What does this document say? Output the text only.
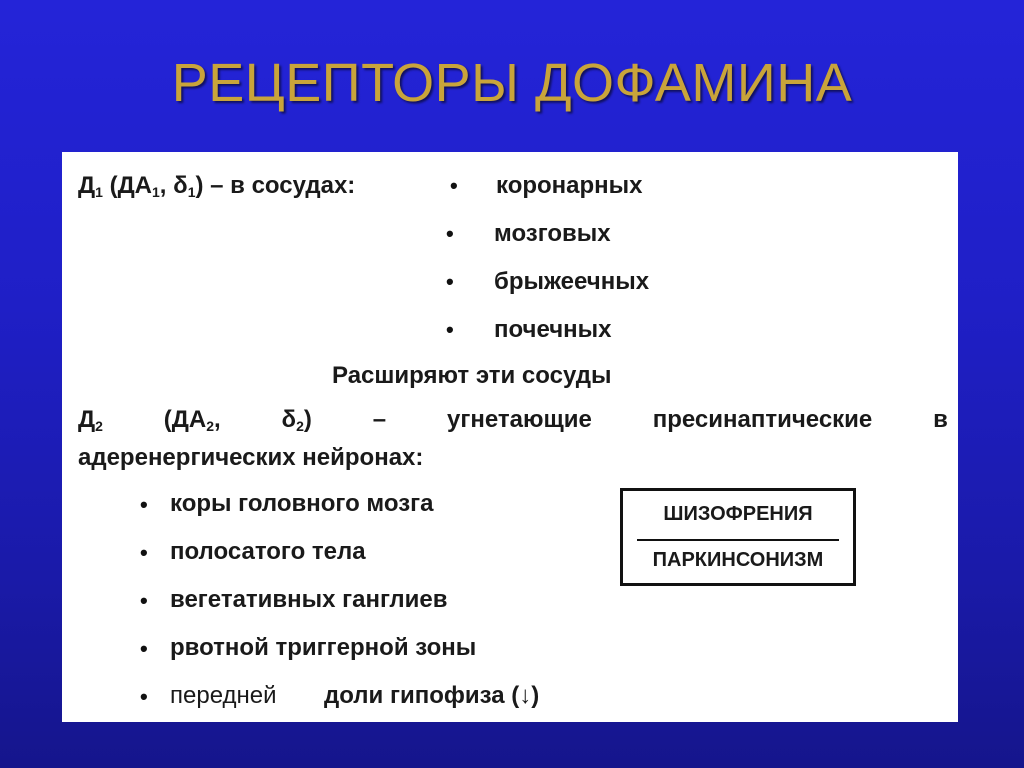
РЕЦЕПТОРЫ ДОФАМИНА
$Д_1$ ($ДА_1$, $\delta_1$) – в сосудах:	• коронарных
• мозговых
• брыжеечных
• почечных
Расширяют эти сосуды
$Д_2$	($ДА_2$,	$\delta_2$)	–	угнетающие	пресинаптические	в
адеренергических нейронах:
• коры головного мозга
• полосатого тела
• вегетативных ганглиев
• рвотной триггерной зоны
• передней доли гипофиза (↓)
ШИЗОФРЕНИЯ
ПАРКИНСОНИЗМ
